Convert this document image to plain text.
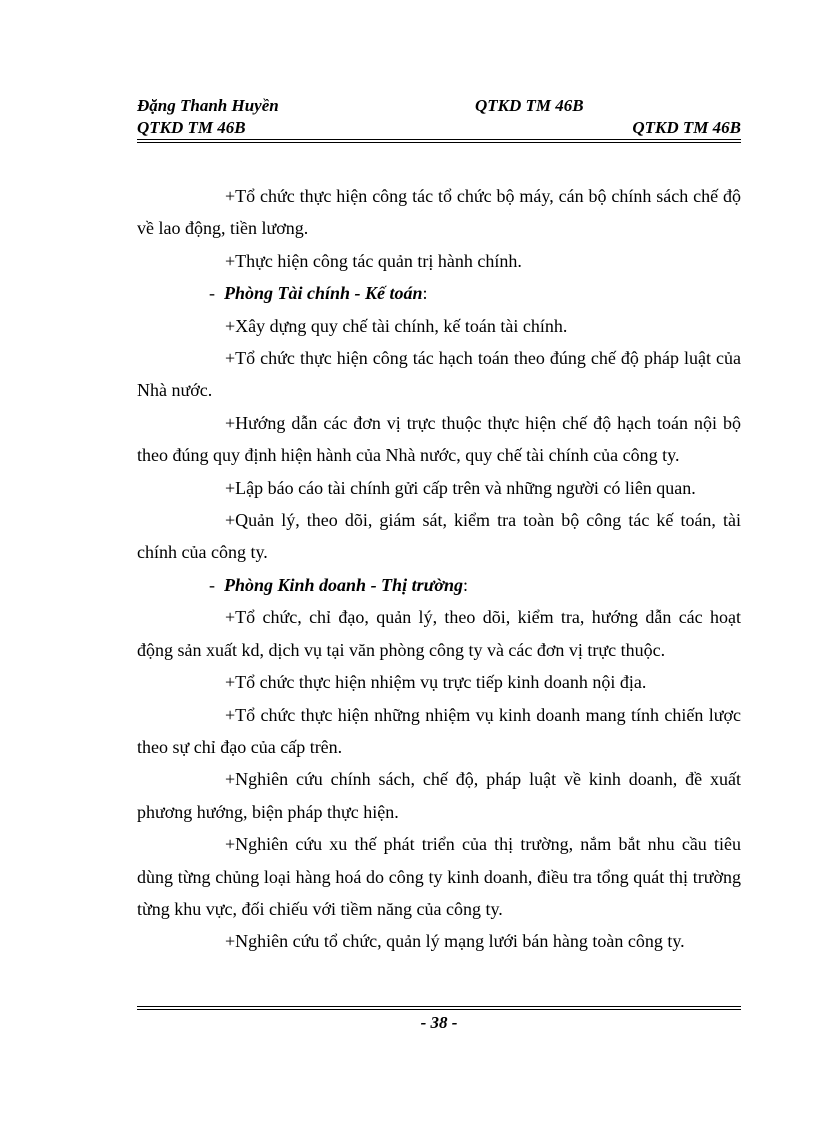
Đặng Thanh Huyền	QTKD TM 46B
QTKD TM 46B	QTKD TM 46B

+Tổ chức thực hiện công tác tổ chức bộ máy, cán bộ chính sách chế độ về lao động, tiền lương.

+Thực hiện công tác quản trị hành chính.

- Phòng Tài chính - Kế toán:

+Xây dựng quy chế tài chính, kế toán tài chính.

+Tổ chức thực hiện công tác hạch toán theo đúng chế độ pháp luật của Nhà nước.

+Hướng dẫn các đơn vị trực thuộc thực hiện chế độ hạch toán nội bộ theo đúng quy định hiện hành của Nhà nước, quy chế tài chính của công ty.

+Lập báo cáo tài chính gửi cấp trên và những người có liên quan.

+Quản lý, theo dõi, giám sát, kiểm tra toàn bộ công tác kế toán, tài chính của công ty.

- Phòng Kinh doanh - Thị trường:

+Tổ chức, chỉ đạo, quản lý, theo dõi, kiểm tra, hướng dẫn các hoạt động sản xuất kd, dịch vụ tại văn phòng công ty và các đơn vị trực thuộc.

+Tổ chức thực hiện nhiệm vụ trực tiếp kinh doanh nội địa.

+Tổ chức thực hiện những nhiệm vụ kinh doanh mang tính chiến lược theo sự chỉ đạo của cấp trên.

+Nghiên cứu chính sách, chế độ, pháp luật về kinh doanh, đề xuất phương hướng, biện pháp thực hiện.

+Nghiên cứu xu thế phát triển của thị trường, nắm bắt nhu cầu tiêu dùng từng chủng loại hàng hoá do công ty kinh doanh, điều tra tổng quát thị trường từng khu vực, đối chiếu với tiềm năng của công ty.

+Nghiên cứu tổ chức, quản lý mạng lưới bán hàng toàn công ty.

- 38 -
